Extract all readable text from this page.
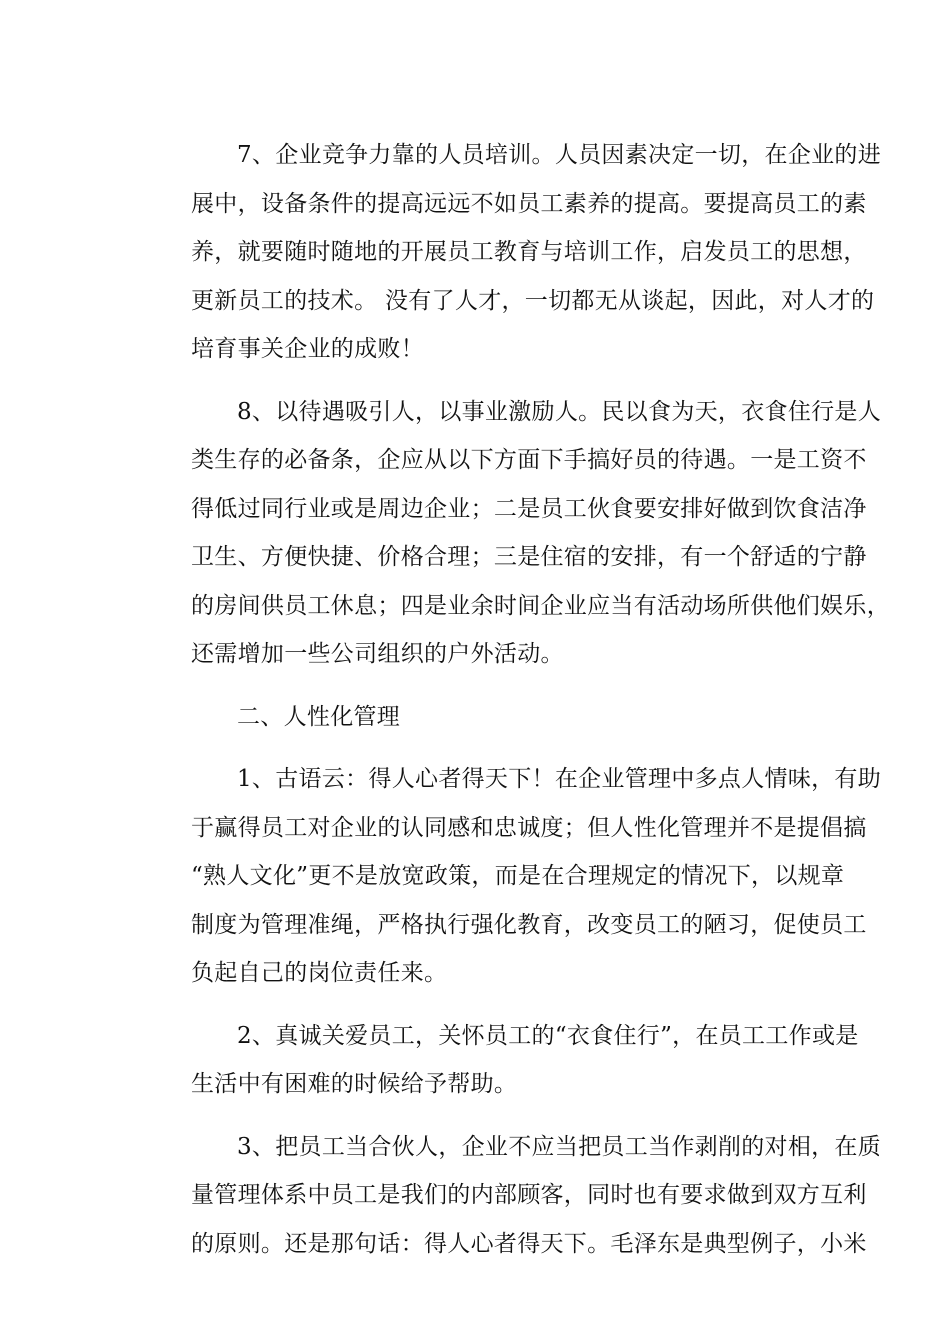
7、企业竞争力靠的人员培训。人员因素决定一切，在企业的进
展中，设备条件的提高远远不如员工素养的提高。要提高员工的素
养，就要随时随地的开展员工教育与培训工作，启发员工的思想，
更新员工的技术。 没有了人才，一切都无从谈起，因此，对人才的
培育事关企业的成败！
8、以待遇吸引人，以事业激励人。民以食为天，衣食住行是人
类生存的必备条，企应从以下方面下手搞好员的待遇。一是工资不
得低过同行业或是周边企业；二是员工伙食要安排好做到饮食洁净
卫生、方便快捷、价格合理；三是住宿的安排，有一个舒适的宁静
的房间供员工休息；四是业余时间企业应当有活动场所供他们娱乐，
还需增加一些公司组织的户外活动。
二、人性化管理
1、古语云：得人心者得天下！在企业管理中多点人情味，有助
于赢得员工对企业的认同感和忠诚度；但人性化管理并不是提倡搞
“熟人文化”更不是放宽政策，而是在合理规定的情况下，以规章
制度为管理准绳，严格执行强化教育，改变员工的陋习，促使员工
负起自己的岗位责任来。
2、真诚关爱员工，关怀员工的“衣食住行”，在员工工作或是
生活中有困难的时候给予帮助。
3、把员工当合伙人，企业不应当把员工当作剥削的对相，在质
量管理体系中员工是我们的内部顾客，同时也有要求做到双方互利
的原则。还是那句话：得人心者得天下。毛泽东是典型例子，小米
